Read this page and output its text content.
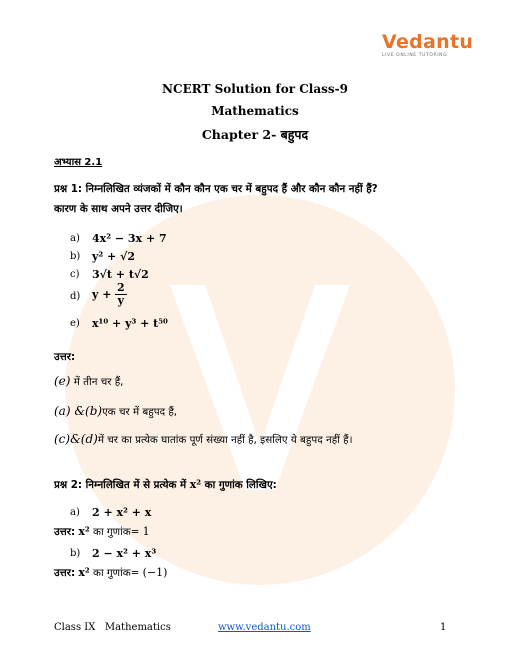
Vedantu
LIVE ONLINE TUTORING
NCERT Solution for Class-9
Mathematics
Chapter 2- बहुपद
अभ्यास 2.1
प्रश्न 1: निम्नलिखित व्यंजकों में कौन कौन एक चर में बहुपद हैं और कौन कौन नहीं हैं?
कारण के साथ अपने उत्तर दीजिए।
a) 4x² − 3x + 7
b) y² + √2
c) 3√t + t√2
d) $y + \frac{2}{y}$
e) x¹⁰ + y³ + t⁵⁰
उत्तर:
(e) में तीन चर हैं,
(a) &(b)एक चर में बहुपद हैं,
(c)&(d)में चर का प्रत्येक घातांक पूर्ण संख्या नहीं है, इसलिए ये बहुपद नहीं हैं।
प्रश्न 2: निम्नलिखित में से प्रत्येक में x² का गुणांक लिखिए:
a) 2 + x² + x
उत्तर: x² का गुणांक= 1
b) 2 − x² + x³
उत्तर: x² का गुणांक= (−1)
Class IX   Mathematics	www.vedantu.com	1
